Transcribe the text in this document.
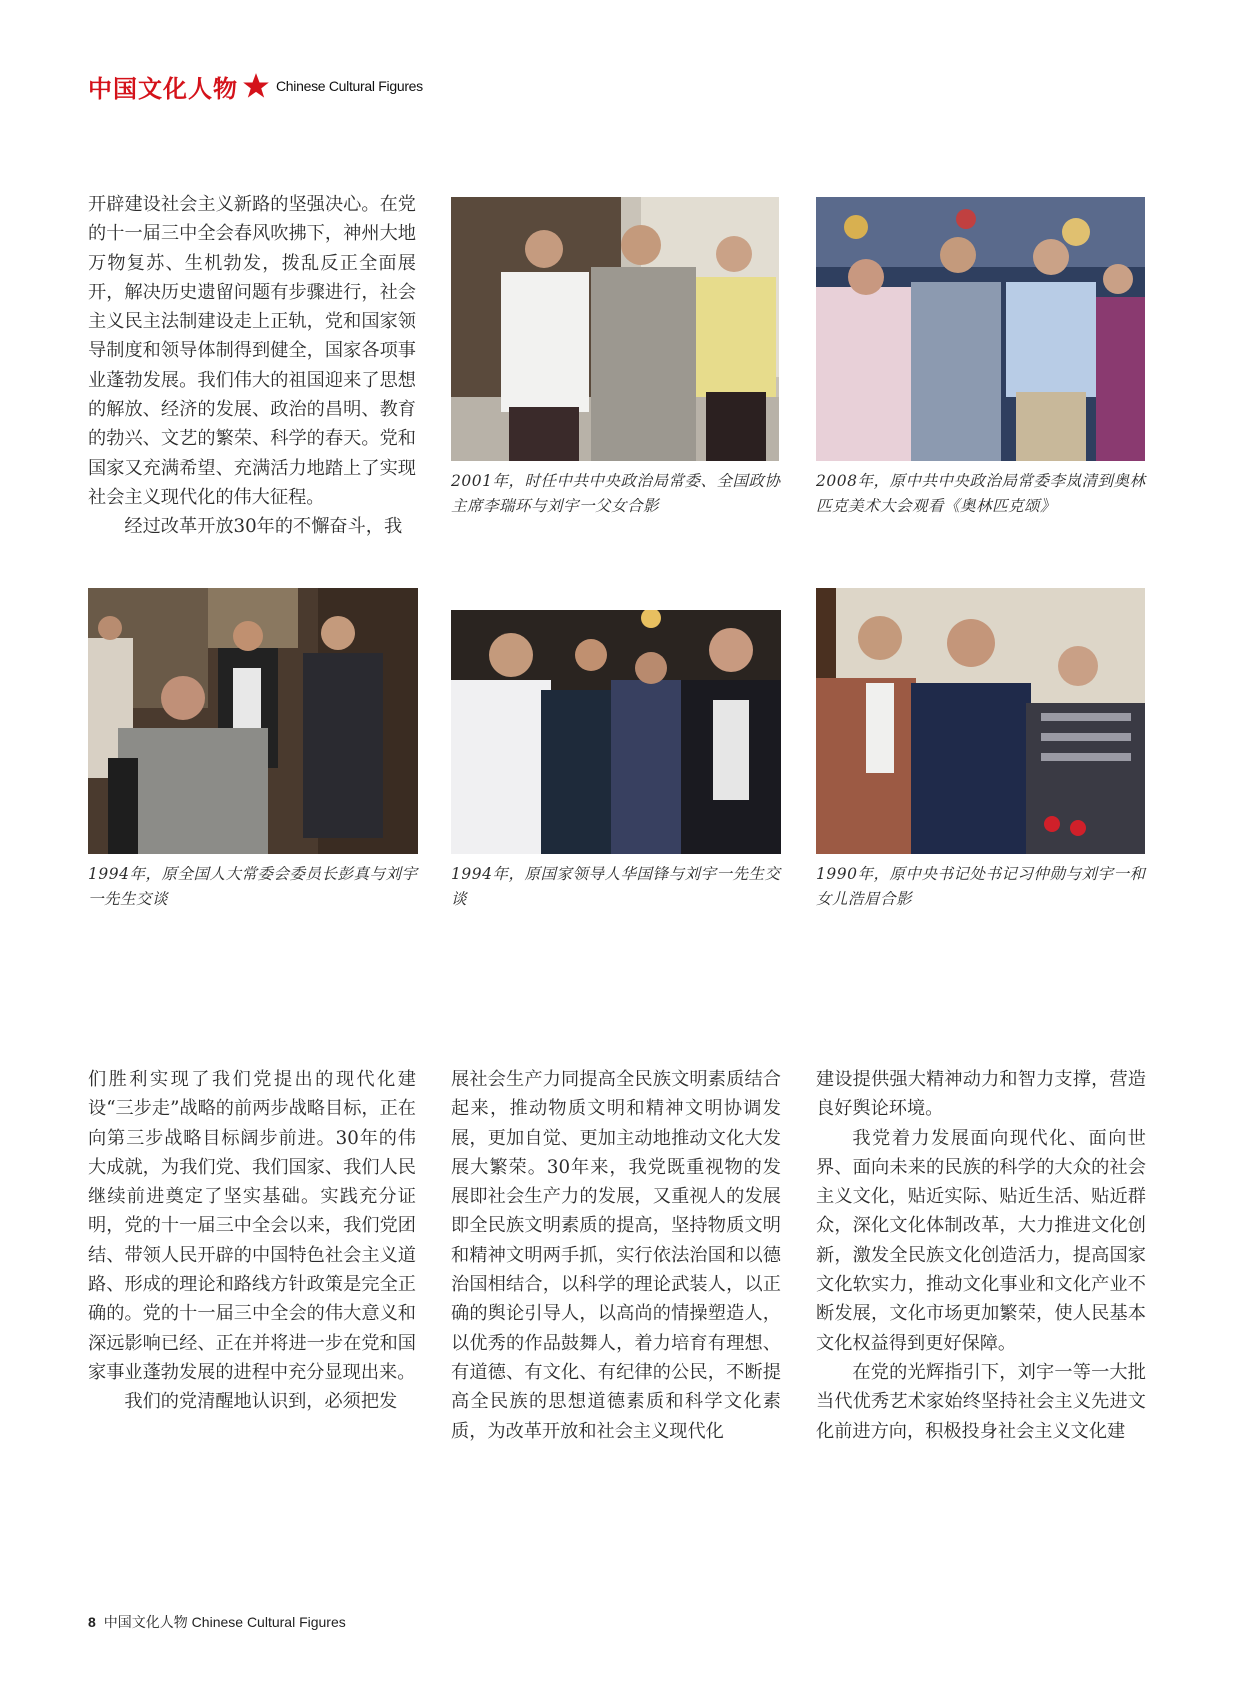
中国文化人物	Chinese Cultural Figures

开辟建设社会主义新路的坚强决心。在党的十一届三中全会春风吹拂下，神州大地万物复苏、生机勃发，拨乱反正全面展开，解决历史遗留问题有步骤进行，社会主义民主法制建设走上正轨，党和国家领导制度和领导体制得到健全，国家各项事业蓬勃发展。我们伟大的祖国迎来了思想的解放、经济的发展、政治的昌明、教育的勃兴、文艺的繁荣、科学的春天。党和国家又充满希望、充满活力地踏上了实现社会主义现代化的伟大征程。

经过改革开放30年的不懈奋斗，我

2001年，时任中共中央政治局常委、全国政协主席李瑞环与刘宇一父女合影
2008年，原中共中央政治局常委李岚清到奥林匹克美术大会观看《奥林匹克颂》
1994年，原全国人大常委会委员长彭真与刘宇一先生交谈
1994年，原国家领导人华国锋与刘宇一先生交谈
1990年，原中央书记处书记习仲勋与刘宇一和女儿浩眉合影

们胜利实现了我们党提出的现代化建设“三步走”战略的前两步战略目标，正在向第三步战略目标阔步前进。30年的伟大成就，为我们党、我们国家、我们人民继续前进奠定了坚实基础。实践充分证明，党的十一届三中全会以来，我们党团结、带领人民开辟的中国特色社会主义道路、形成的理论和路线方针政策是完全正确的。党的十一届三中全会的伟大意义和深远影响已经、正在并将进一步在党和国家事业蓬勃发展的进程中充分显现出来。

我们的党清醒地认识到，必须把发

展社会生产力同提高全民族文明素质结合起来，推动物质文明和精神文明协调发展，更加自觉、更加主动地推动文化大发展大繁荣。30年来，我党既重视物的发展即社会生产力的发展，又重视人的发展即全民族文明素质的提高，坚持物质文明和精神文明两手抓，实行依法治国和以德治国相结合，以科学的理论武装人，以正确的舆论引导人，以高尚的情操塑造人，以优秀的作品鼓舞人，着力培育有理想、有道德、有文化、有纪律的公民，不断提高全民族的思想道德素质和科学文化素质，为改革开放和社会主义现代化

建设提供强大精神动力和智力支撑，营造良好舆论环境。

我党着力发展面向现代化、面向世界、面向未来的民族的科学的大众的社会主义文化，贴近实际、贴近生活、贴近群众，深化文化体制改革，大力推进文化创新，激发全民族文化创造活力，提高国家文化软实力，推动文化事业和文化产业不断发展，文化市场更加繁荣，使人民基本文化权益得到更好保障。

在党的光辉指引下，刘宇一等一大批当代优秀艺术家始终坚持社会主义先进文化前进方向，积极投身社会主义文化建

8 中国文化人物 Chinese Cultural Figures
